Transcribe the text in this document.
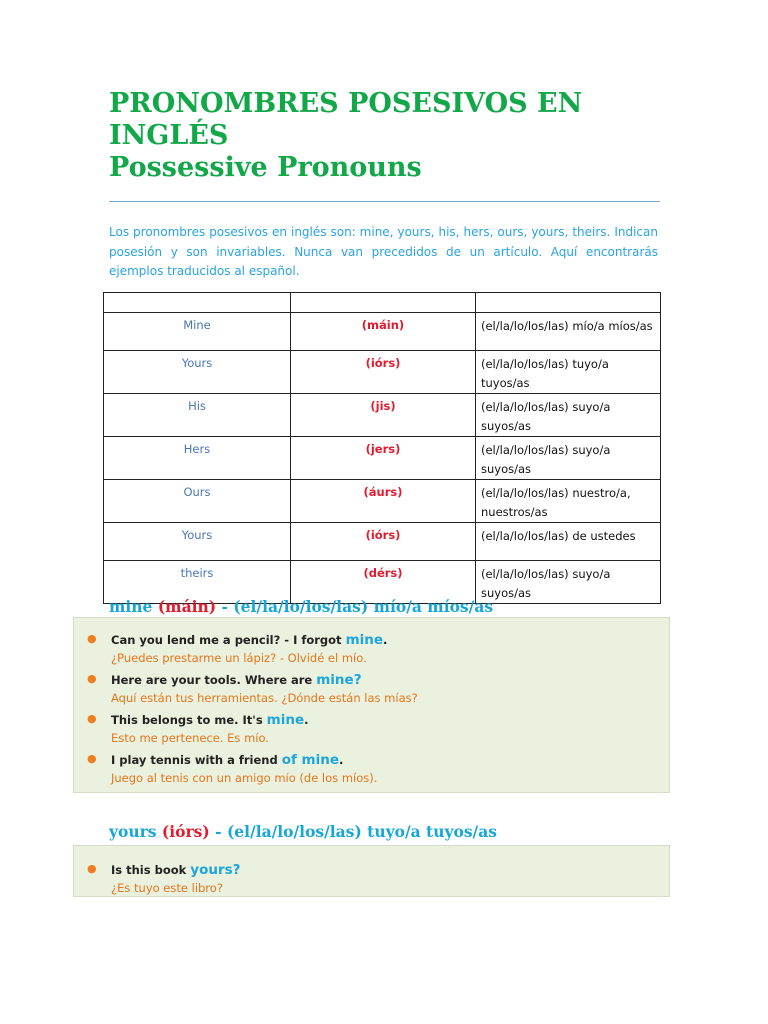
PRONOMBRES POSESIVOS EN
INGLÉS

Possessive Pronouns

Los pronombres posesivos en inglés son: mine, yours, his, hers, ours, yours, theirs. Indican posesión y son invariables. Nunca van precedidos de un artículo. Aquí encontrarás ejemplos traducidos al español.

Mine	(máin)	(el/la/lo/los/las) mío/a míos/as
Yours	(iórs)	(el/la/lo/los/las) tuyo/a tuyos/as
His	(jis)	(el/la/lo/los/las) suyo/a suyos/as
Hers	(jers)	(el/la/lo/los/las) suyo/a suyos/as
Ours	(áurs)	(el/la/lo/los/las) nuestro/a, nuestros/as
Yours	(iórs)	(el/la/lo/los/las) de ustedes
theirs	(dérs)	(el/la/lo/los/las) suyo/a suyos/as
mine (máin) - (el/la/lo/los/las) mío/a míos/as
● Can you lend me a pencil? - I forgot mine.
¿Puedes prestarme un lápiz? - Olvidé el mío.
● Here are your tools. Where are mine?
Aquí están tus herramientas. ¿Dónde están las mías?
● This belongs to me. It's mine.
Esto me pertenece. Es mío.
● I play tennis with a friend of mine.
Juego al tenis con un amigo mío (de los míos).
yours (iórs) - (el/la/lo/los/las) tuyo/a tuyos/as
● Is this book yours?
¿Es tuyo este libro?
